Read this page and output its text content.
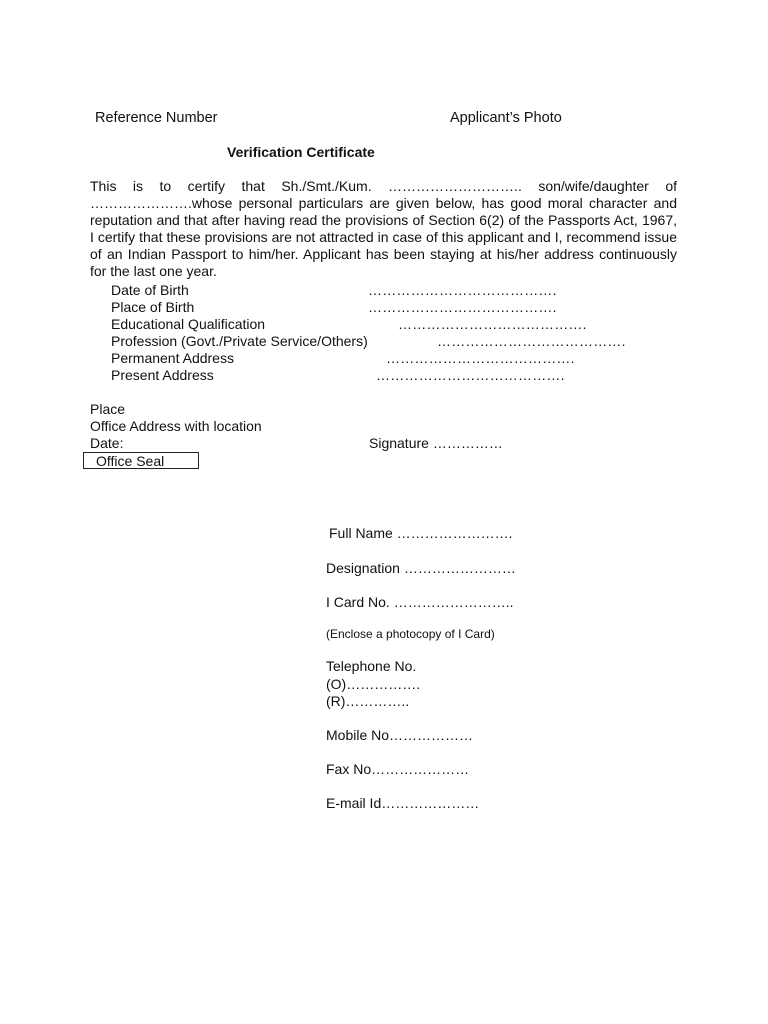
Reference Number	Applicant’s Photo
Verification Certificate
This is to certify that Sh./Smt./Kum. ……………………….. son/wife/daughter of ………………….whose personal particulars are given below, has good moral character and reputation and that after having read the provisions of Section 6(2) of the Passports Act, 1967, I certify that these provisions are not attracted in case of this applicant and I, recommend issue of an Indian Passport to him/her. Applicant has been staying at his/her address continuously for the last one year.
Date of Birth	………………………………….
Place of Birth	………………………………….
Educational Qualification	………………………………….
Profession (Govt./Private Service/Others)	………………………………….
Permanent Address	………………………………….
Present Address	………………………………….
Place
Office Address with location
Date:	Signature ……………
Office Seal
Full Name …………………….
Designation ……………………
I Card No. ……………………..
(Enclose a photocopy of I Card)
Telephone No.
(O)…………….
(R)…………..
Mobile No………………
Fax No…………………
E-mail Id…………………
